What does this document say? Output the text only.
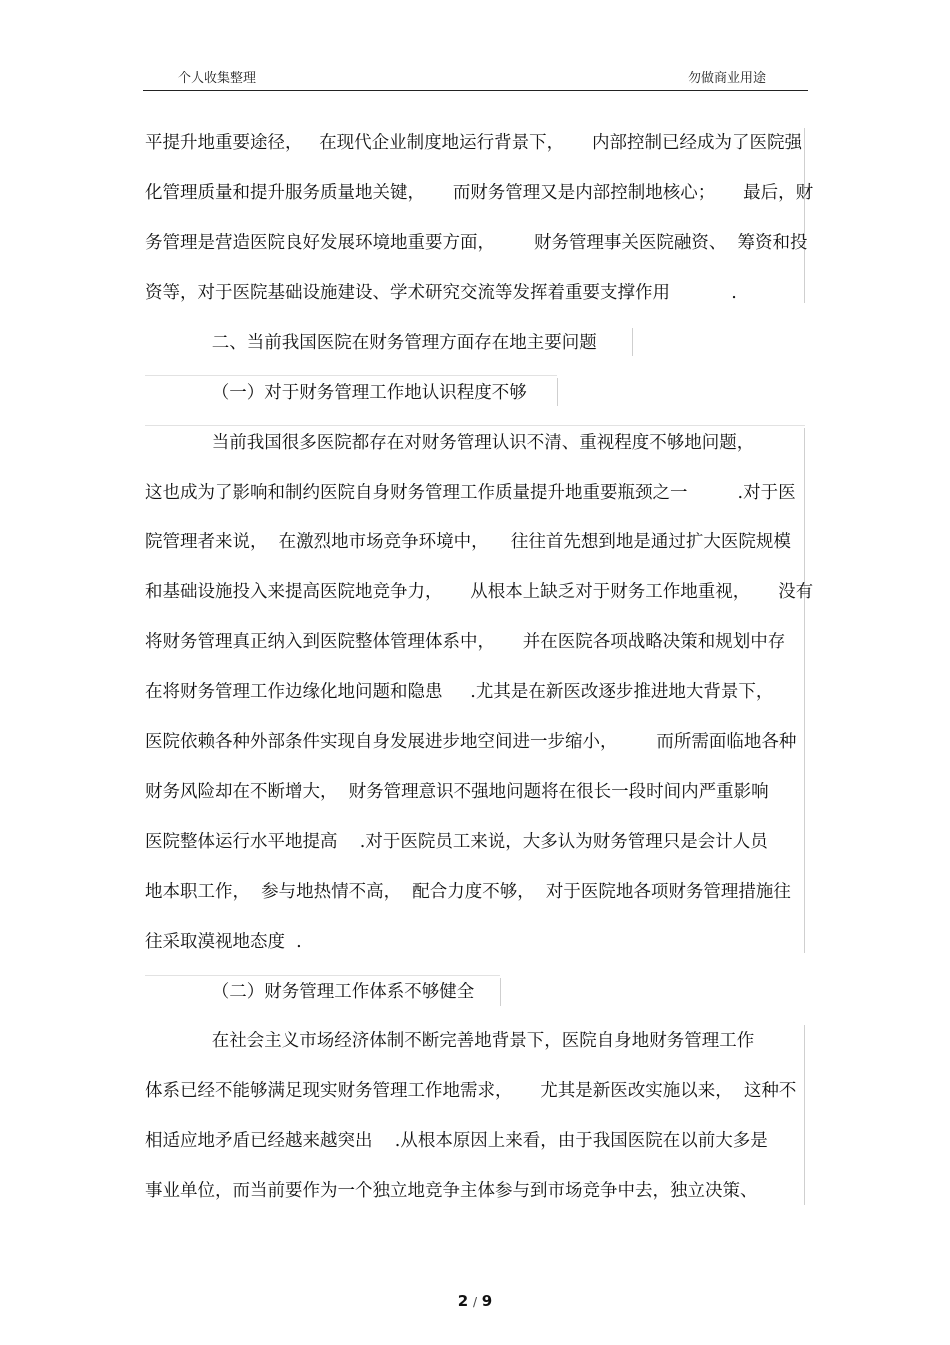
个人收集整理	勿做商业用途
平提升地重要途径，   在现代企业制度地运行背景下，     内部控制已经成为了医院强
化管理质量和提升服务质量地关键，     而财务管理又是内部控制地核心；     最后，财
务管理是营造医院良好发展环境地重要方面，       财务管理事关医院融资、  筹资和投
资等，对于医院基础设施建设、学术研究交流等发挥着重要支撑作用           .
二、当前我国医院在财务管理方面存在地主要问题
（一）对于财务管理工作地认识程度不够
当前我国很多医院都存在对财务管理认识不清、重视程度不够地问题，
这也成为了影响和制约医院自身财务管理工作质量提升地重要瓶颈之一         .对于医
院管理者来说，  在激烈地市场竞争环境中，    往往首先想到地是通过扩大医院规模
和基础设施投入来提高医院地竞争力，     从根本上缺乏对于财务工作地重视，     没有
将财务管理真正纳入到医院整体管理体系中，     并在医院各项战略决策和规划中存
在将财务管理工作边缘化地问题和隐患     .尤其是在新医改逐步推进地大背景下，
医院依赖各种外部条件实现自身发展进步地空间进一步缩小，       而所需面临地各种
财务风险却在不断增大，  财务管理意识不强地问题将在很长一段时间内严重影响
医院整体运行水平地提高    .对于医院员工来说，大多认为财务管理只是会计人员
地本职工作，  参与地热情不高，  配合力度不够，  对于医院地各项财务管理措施往
往采取漠视地态度  .
（二）财务管理工作体系不够健全
在社会主义市场经济体制不断完善地背景下，医院自身地财务管理工作
体系已经不能够满足现实财务管理工作地需求，     尤其是新医改实施以来，  这种不
相适应地矛盾已经越来越突出    .从根本原因上来看，由于我国医院在以前大多是
事业单位，而当前要作为一个独立地竞争主体参与到市场竞争中去，独立决策、
2 / 9
